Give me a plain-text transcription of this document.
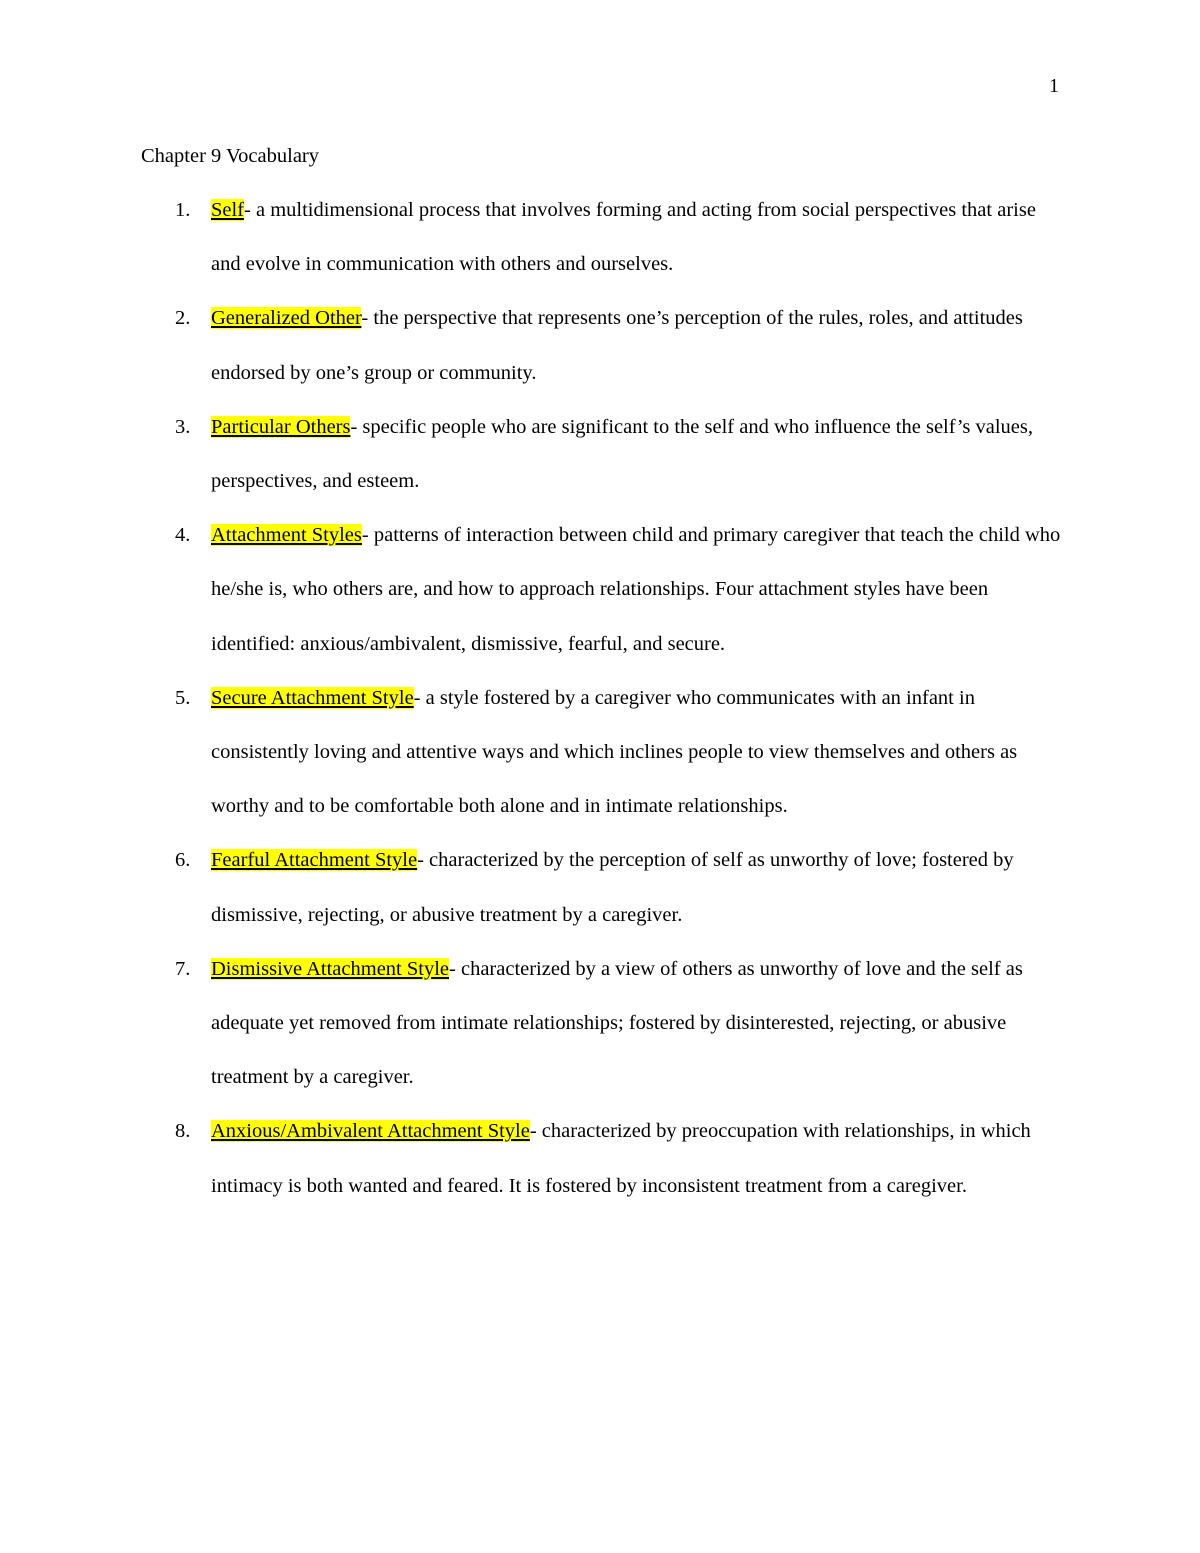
1
Chapter 9 Vocabulary
1. Self- a multidimensional process that involves forming and acting from social perspectives that arise and evolve in communication with others and ourselves.
2. Generalized Other- the perspective that represents one’s perception of the rules, roles, and attitudes endorsed by one’s group or community.
3. Particular Others- specific people who are significant to the self and who influence the self’s values, perspectives, and esteem.
4. Attachment Styles- patterns of interaction between child and primary caregiver that teach the child who he/she is, who others are, and how to approach relationships. Four attachment styles have been identified: anxious/ambivalent, dismissive, fearful, and secure.
5. Secure Attachment Style- a style fostered by a caregiver who communicates with an infant in consistently loving and attentive ways and which inclines people to view themselves and others as worthy and to be comfortable both alone and in intimate relationships.
6. Fearful Attachment Style- characterized by the perception of self as unworthy of love; fostered by dismissive, rejecting, or abusive treatment by a caregiver.
7. Dismissive Attachment Style- characterized by a view of others as unworthy of love and the self as adequate yet removed from intimate relationships; fostered by disinterested, rejecting, or abusive treatment by a caregiver.
8. Anxious/Ambivalent Attachment Style- characterized by preoccupation with relationships, in which intimacy is both wanted and feared. It is fostered by inconsistent treatment from a caregiver.
